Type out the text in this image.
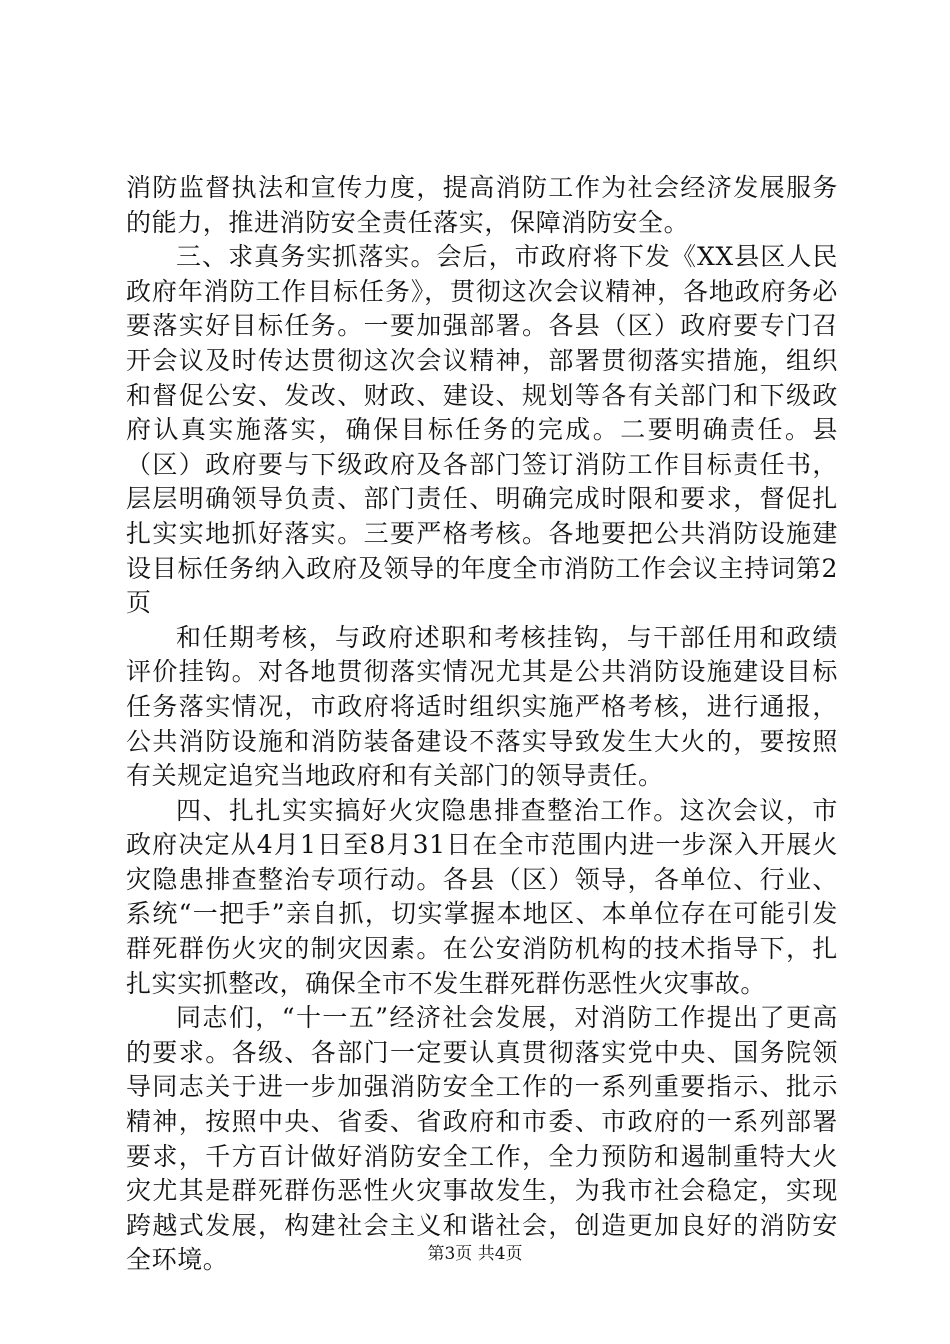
消防监督执法和宣传力度，提高消防工作为社会经济发展服务的能力，推进消防安全责任落实，保障消防安全。

三、求真务实抓落实。会后，市政府将下发《XX县区人民政府年消防工作目标任务》，贯彻这次会议精神，各地政府务必要落实好目标任务。一要加强部署。各县（区）政府要专门召开会议及时传达贯彻这次会议精神，部署贯彻落实措施，组织和督促公安、发改、财政、建设、规划等各有关部门和下级政府认真实施落实，确保目标任务的完成。二要明确责任。县（区）政府要与下级政府及各部门签订消防工作目标责任书，层层明确领导负责、部门责任、明确完成时限和要求，督促扎扎实实地抓好落实。三要严格考核。各地要把公共消防设施建设目标任务纳入政府及领导的年度全市消防工作会议主持词第2页

和任期考核，与政府述职和考核挂钩，与干部任用和政绩评价挂钩。对各地贯彻落实情况尤其是公共消防设施建设目标任务落实情况，市政府将适时组织实施严格考核，进行通报，公共消防设施和消防装备建设不落实导致发生大火的，要按照有关规定追究当地政府和有关部门的领导责任。

四、扎扎实实搞好火灾隐患排查整治工作。这次会议，市政府决定从4月1日至8月31日在全市范围内进一步深入开展火灾隐患排查整治专项行动。各县（区）领导，各单位、行业、系统“一把手”亲自抓，切实掌握本地区、本单位存在可能引发群死群伤火灾的制灾因素。在公安消防机构的技术指导下，扎扎实实抓整改，确保全市不发生群死群伤恶性火灾事故。

同志们，“十一五”经济社会发展，对消防工作提出了更高的要求。各级、各部门一定要认真贯彻落实党中央、国务院领导同志关于进一步加强消防安全工作的一系列重要指示、批示精神，按照中央、省委、省政府和市委、市政府的一系列部署要求，千方百计做好消防安全工作，全力预防和遏制重特大火灾尤其是群死群伤恶性火灾事故发生，为我市社会稳定，实现跨越式发展，构建社会主义和谐社会，创造更加良好的消防安全环境。	第3页 共4页
